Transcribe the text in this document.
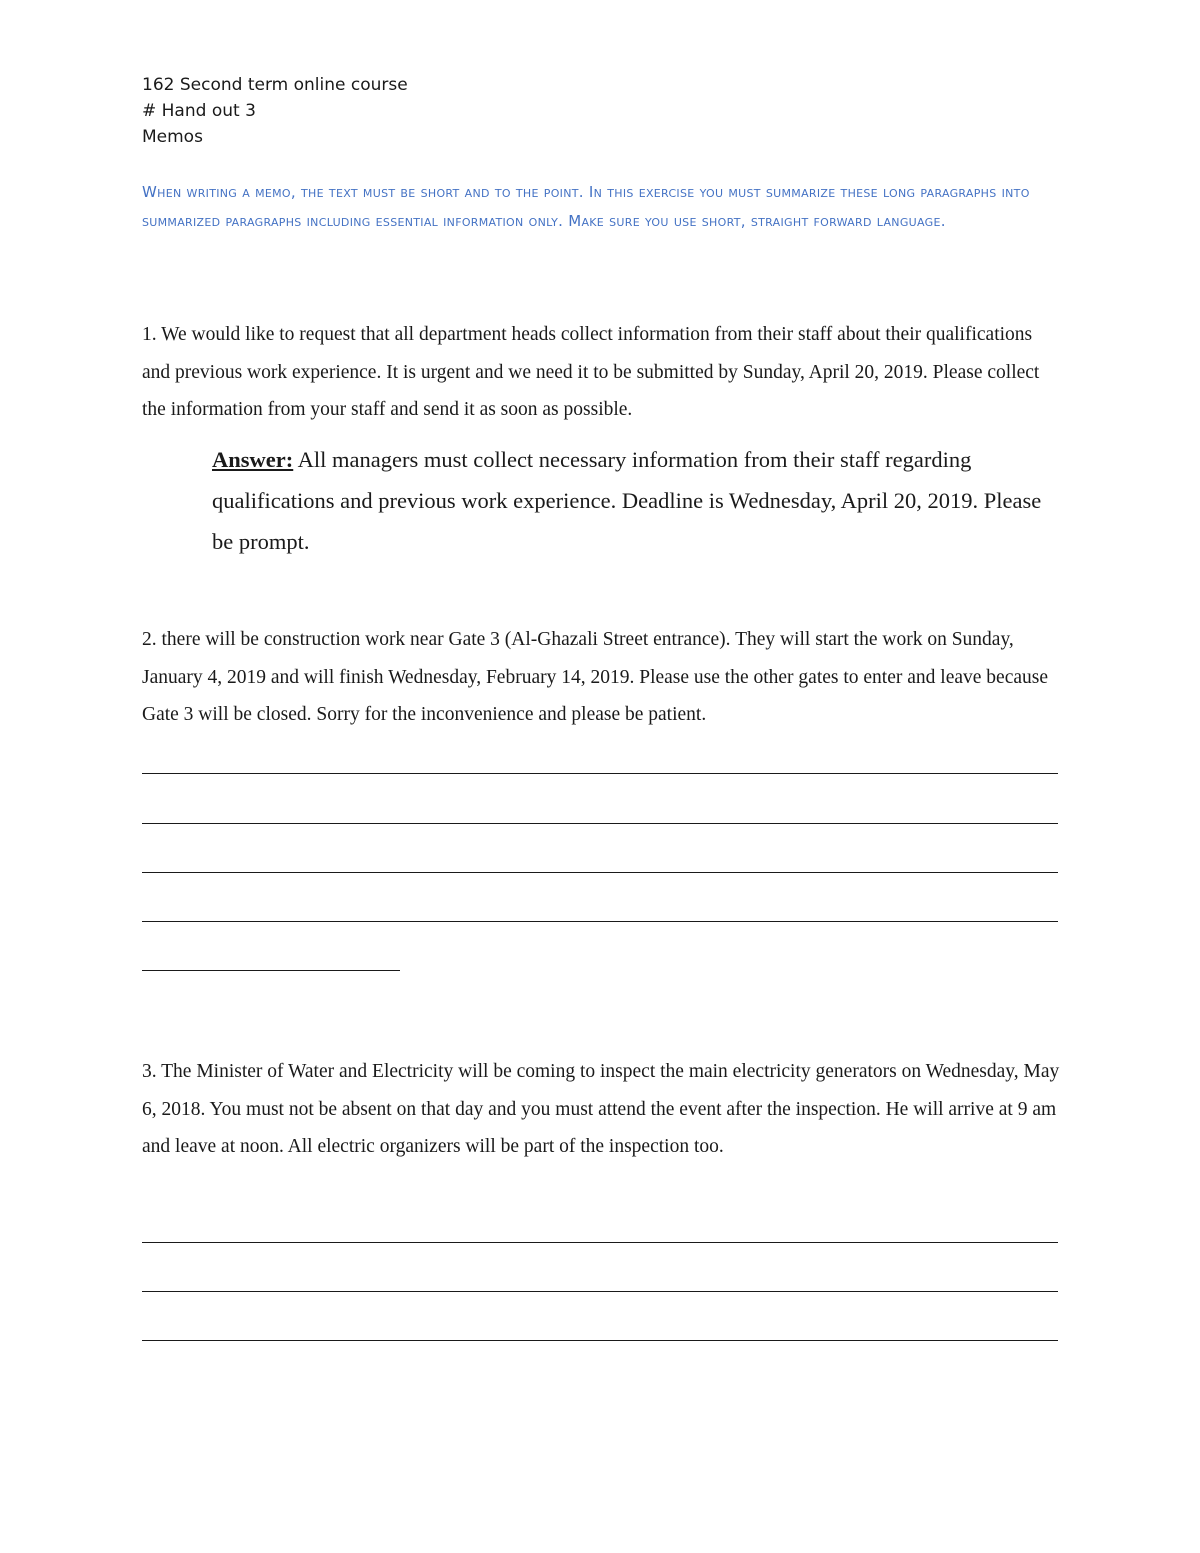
162 Second term online course
# Hand out 3
Memos
When writing a memo, the text must be short and to the point. In this exercise you must summarize these long paragraphs into summarized paragraphs including essential information only. Make sure you use short, straight forward language.
1. We would like to request that all department heads collect information from their staff about their qualifications and previous work experience. It is urgent and we need it to be submitted by Sunday, April 20, 2019. Please collect the information from your staff and send it as soon as possible.
Answer: All managers must collect necessary information from their staff regarding qualifications and previous work experience. Deadline is Wednesday, April 20, 2019. Please be prompt.
2. there will be construction work near Gate 3 (Al-Ghazali Street entrance). They will start the work on Sunday, January 4, 2019 and will finish Wednesday, February 14, 2019. Please use the other gates to enter and leave because Gate 3 will be closed. Sorry for the inconvenience and please be patient.
3. The Minister of Water and Electricity will be coming to inspect the main electricity generators on Wednesday, May 6, 2018. You must not be absent on that day and you must attend the event after the inspection. He will arrive at 9 am and leave at noon. All electric organizers will be part of the inspection too.
